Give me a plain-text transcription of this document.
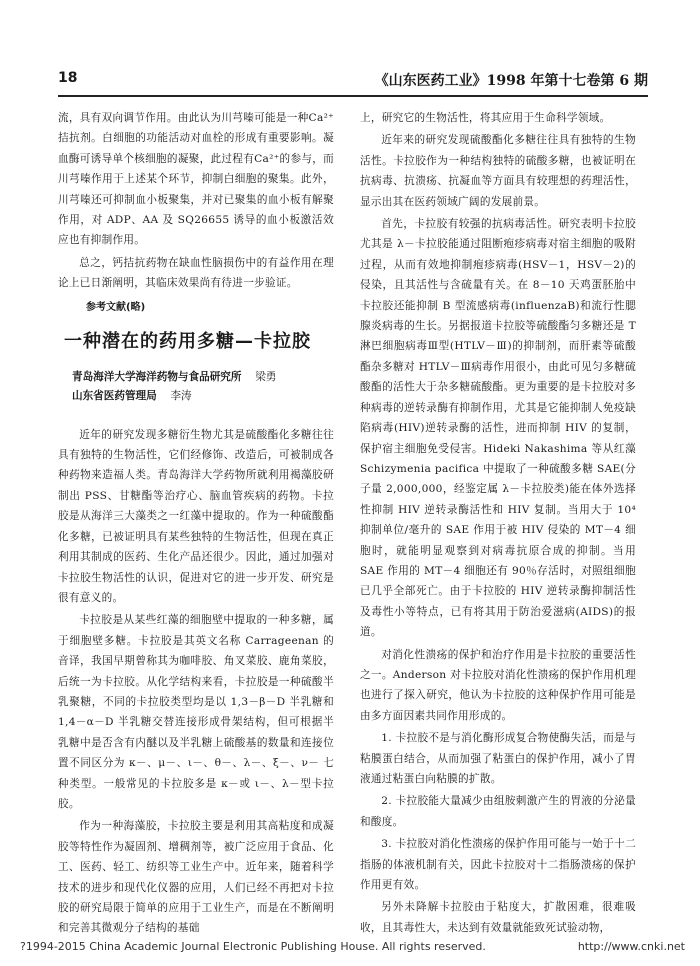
18	《山东医药工业》1998 年第十七卷第 6 期

流，具有双向调节作用。由此认为川芎嗪可能是一种Ca²⁺拮抗剂。白细胞的功能活动对血栓的形成有重要影响。凝血酶可诱导单个核细胞的凝聚，此过程有Ca²⁺的参与，而川芎嗪作用于上述某个环节，抑制白细胞的聚集。此外，川芎嗪还可抑制血小板聚集，并对已聚集的血小板有解聚作用，对 ADP、AA 及 SQ26655 诱导的血小板激活效应也有抑制作用。

总之，钙拮抗药物在缺血性脑损伤中的有益作用在理论上已日渐阐明，其临床效果尚有待进一步验证。

参考文献(略)
一种潜在的药用多糖—卡拉胶
青岛海洋大学海洋药物与食品研究所 梁勇
山东省医药管理局 李涛

近年的研究发现多糖衍生物尤其是硫酸酯化多糖往往具有独特的生物活性，它们经修饰、改造后，可被制成各种药物来造福人类。青岛海洋大学药物所就利用褐藻胶研制出 PSS、甘糖酯等治疗心、脑血管疾病的药物。卡拉胶是从海洋三大藻类之一红藻中提取的。作为一种硫酸酯化多糖，已被证明具有某些独特的生物活性，但现在真正利用其制成的医药、生化产品还很少。因此，通过加强对卡拉胶生物活性的认识，促进对它的进一步开发、研究是很有意义的。

卡拉胶是从某些红藻的细胞壁中提取的一种多糖，属于细胞壁多糖。卡拉胶是其英文名称 Carrageenan 的音译，我国早期曾称其为咖啡胶、角叉菜胶、鹿角菜胶，后统一为卡拉胶。从化学结构来看，卡拉胶是一种硫酸半乳聚糖，不同的卡拉胶类型均是以 1,3－β－D 半乳糖和 1,4－α－D 半乳糖交替连接形成骨架结构，但可根据半乳糖中是否含有内醚以及半乳糖上硫酸基的数量和连接位置不同区分为 κ－、μ－、ι－、θ－、λ－、ξ－、ν－ 七种类型。一般常见的卡拉胶多是 κ－或 ι－、λ－型卡拉胶。

作为一种海藻胶，卡拉胶主要是利用其高粘度和成凝胶等特性作为凝固剂、增稠剂等，被广泛应用于食品、化工、医药、轻工、纺织等工业生产中。近年来，随着科学技术的进步和现代化仪器的应用，人们已经不再把对卡拉胶的研究局限于简单的应用于工业生产，而是在不断阐明和完善其微观分子结构的基础

上，研究它的生物活性，将其应用于生命科学领域。

近年来的研究发现硫酸酯化多糖往往具有独特的生物活性。卡拉胶作为一种结构独特的硫酸多糖，也被证明在抗病毒、抗溃疡、抗凝血等方面具有较理想的药理活性，显示出其在医药领域广阔的发展前景。

首先，卡拉胶有较强的抗病毒活性。研究表明卡拉胶尤其是 λ－卡拉胶能通过阻断疱疹病毒对宿主细胞的吸附过程，从而有效地抑制疱疹病毒(HSV－1，HSV－2)的侵染，且其活性与含硫量有关。在 8－10 天鸡蛋胚胎中卡拉胶还能抑制 B 型流感病毒(influenzaB)和流行性腮腺炎病毒的生长。另据报道卡拉胶等硫酸酯匀多糖还是 T 淋巴细胞病毒Ⅲ型(HTLV－Ⅲ)的抑制剂，而肝素等硫酸酯杂多糖对 HTLV－Ⅲ病毒作用很小，由此可见匀多糖硫酸酯的活性大于杂多糖硫酸酯。更为重要的是卡拉胶对多种病毒的逆转录酶有抑制作用，尤其是它能抑制人免疫缺陷病毒(HIV)逆转录酶的活性，进而抑制 HIV 的复制，保护宿主细胞免受侵害。Hideki Nakashima 等从红藻 Schizymenia pacifica 中提取了一种硫酸多糖 SAE(分子量 2,000,000，经鉴定属 λ－卡拉胶类)能在体外选择性抑制 HIV 逆转录酶活性和 HIV 复制。当用大于 10⁴ 抑制单位/毫升的 SAE 作用于被 HIV 侵染的 MT－4 细胞时，就能明显观察到对病毒抗原合成的抑制。当用 SAE 作用的 MT－4 细胞还有 90％存活时，对照组细胞已几乎全部死亡。由于卡拉胶的 HIV 逆转录酶抑制活性及毒性小等特点，已有将其用于防治爱滋病(AIDS)的报道。

对消化性溃疡的保护和治疗作用是卡拉胶的重要活性之一。Anderson 对卡拉胶对消化性溃疡的保护作用机理也进行了探入研究，他认为卡拉胶的这种保护作用可能是由多方面因素共同作用形成的。

1. 卡拉胶不是与消化酶形成复合物使酶失活，而是与粘膜蛋白结合，从而加强了粘蛋白的保护作用，减小了胃液通过粘蛋白向粘膜的扩散。

2. 卡拉胶能大量减少由组胺刺激产生的胃液的分泌量和酸度。

3. 卡拉胶对消化性溃疡的保护作用可能与一始于十二指肠的体液机制有关，因此卡拉胶对十二指肠溃疡的保护作用更有效。

另外未降解卡拉胶由于粘度大，扩散困难，很难吸收，且其毒性大，未达到有效量就能致死试验动物，

?1994-2015 China Academic Journal Electronic Publishing House. All rights reserved.	http://www.cnki.net
